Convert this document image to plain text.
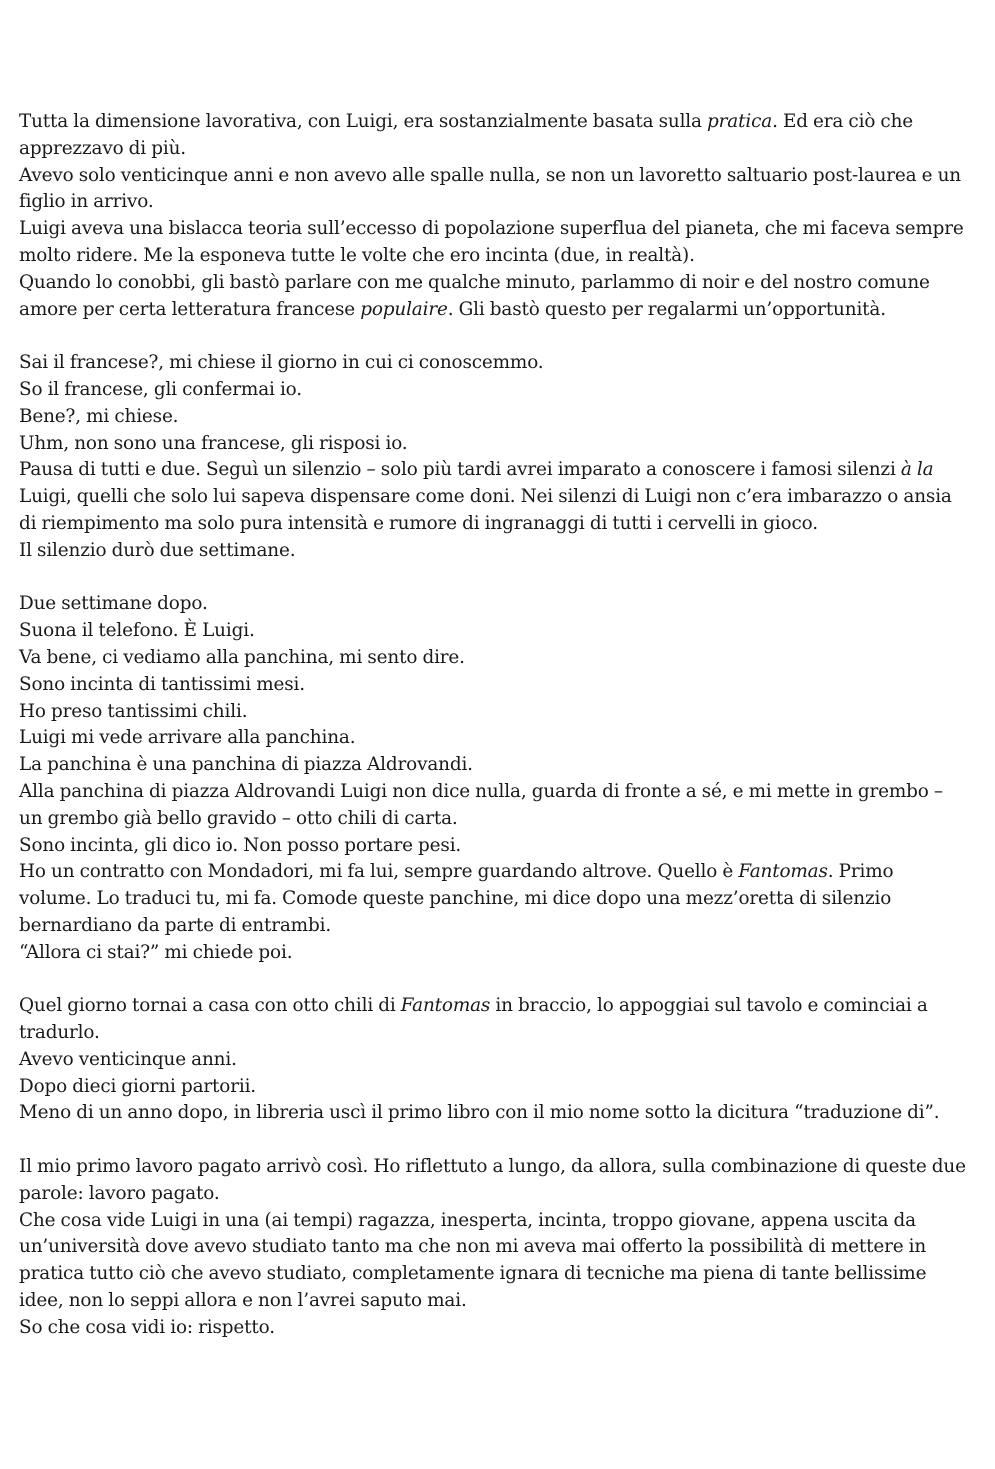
Tutta la dimensione lavorativa, con Luigi, era sostanzialmente basata sulla pratica. Ed era ciò che apprezzavo di più.

Avevo solo venticinque anni e non avevo alle spalle nulla, se non un lavoretto saltuario post-laurea e un figlio in arrivo.

Luigi aveva una bislacca teoria sull’eccesso di popolazione superflua del pianeta, che mi faceva sempre molto ridere. Me la esponeva tutte le volte che ero incinta (due, in realtà).

Quando lo conobbi, gli bastò parlare con me qualche minuto, parlammo di noir e del nostro comune amore per certa letteratura francese populaire. Gli bastò questo per regalarmi un’opportunità.

Sai il francese?, mi chiese il giorno in cui ci conoscemmo.

So il francese, gli confermai io.

Bene?, mi chiese.

Uhm, non sono una francese, gli risposi io.

Pausa di tutti e due. Seguì un silenzio – solo più tardi avrei imparato a conoscere i famosi silenzi à la Luigi, quelli che solo lui sapeva dispensare come doni. Nei silenzi di Luigi non c’era imbarazzo o ansia di riempimento ma solo pura intensità e rumore di ingranaggi di tutti i cervelli in gioco.

Il silenzio durò due settimane.

Due settimane dopo.

Suona il telefono. È Luigi.

Va bene, ci vediamo alla panchina, mi sento dire.

Sono incinta di tantissimi mesi.

Ho preso tantissimi chili.

Luigi mi vede arrivare alla panchina.

La panchina è una panchina di piazza Aldrovandi.

Alla panchina di piazza Aldrovandi Luigi non dice nulla, guarda di fronte a sé, e mi mette in grembo – un grembo già bello gravido – otto chili di carta.

Sono incinta, gli dico io. Non posso portare pesi.

Ho un contratto con Mondadori, mi fa lui, sempre guardando altrove. Quello è Fantomas. Primo volume. Lo traduci tu, mi fa. Comode queste panchine, mi dice dopo una mezz’oretta di silenzio bernardiano da parte di entrambi.

“Allora ci stai?” mi chiede poi.

Quel giorno tornai a casa con otto chili di Fantomas in braccio, lo appoggiai sul tavolo e cominciai a tradurlo.

Avevo venticinque anni.

Dopo dieci giorni partorii.

Meno di un anno dopo, in libreria uscì il primo libro con il mio nome sotto la dicitura “traduzione di”.

Il mio primo lavoro pagato arrivò così. Ho riflettuto a lungo, da allora, sulla combinazione di queste due parole: lavoro pagato.

Che cosa vide Luigi in una (ai tempi) ragazza, inesperta, incinta, troppo giovane, appena uscita da un’università dove avevo studiato tanto ma che non mi aveva mai offerto la possibilità di mettere in pratica tutto ciò che avevo studiato, completamente ignara di tecniche ma piena di tante bellissime idee, non lo seppi allora e non l’avrei saputo mai.

So che cosa vidi io: rispetto.
